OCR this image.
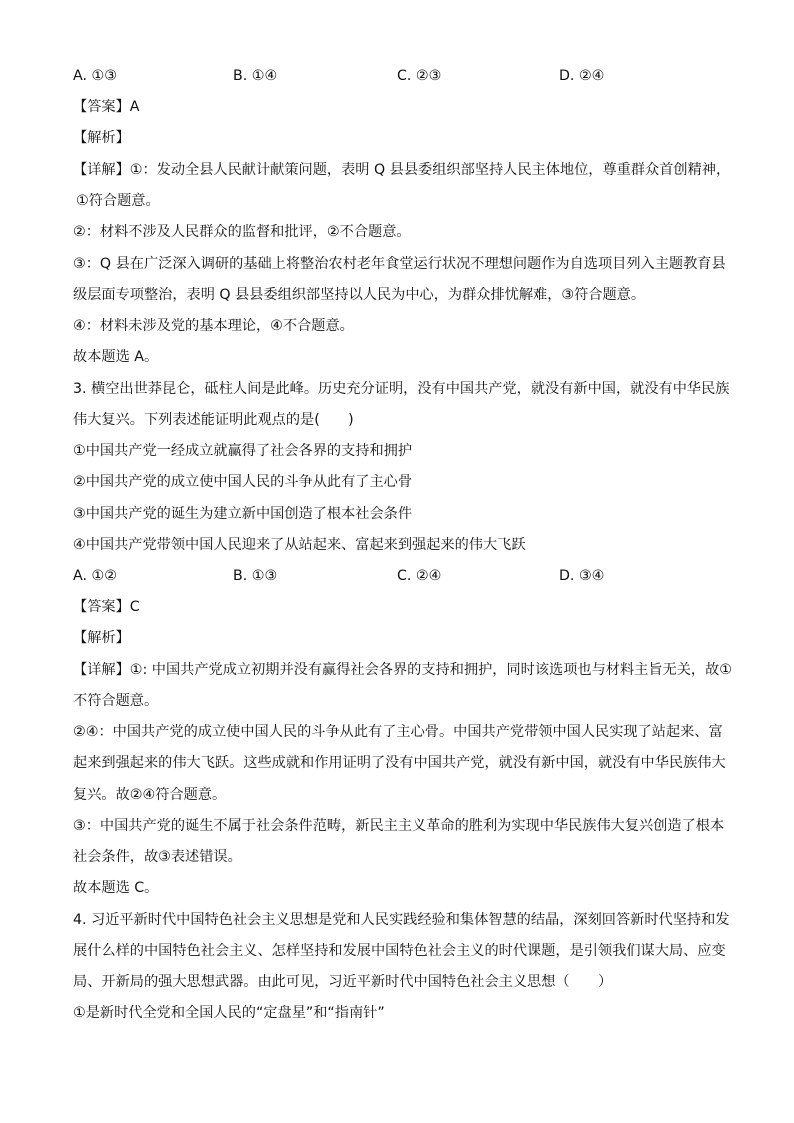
A. ①③	B. ①④	C. ②③	D. ②④
【答案】A
【解析】
【详解】①：发动全县人民献计献策问题，表明 Q 县县委组织部坚持人民主体地位，尊重群众首创精神，
①符合题意。
②：材料不涉及人民群众的监督和批评，②不合题意。
③：Q 县在广泛深入调研的基础上将整治农村老年食堂运行状况不理想问题作为自选项目列入主题教育县
级层面专项整治，表明 Q 县县委组织部坚持以人民为中心，为群众排忧解难，③符合题意。
④：材料未涉及党的基本理论，④不合题意。
故本题选 A。
3. 横空出世莽昆仑，砥柱人间是此峰。历史充分证明，没有中国共产党，就没有新中国，就没有中华民族
伟大复兴。下列表述能证明此观点的是(　　)
①中国共产党一经成立就赢得了社会各界的支持和拥护
②中国共产党的成立使中国人民的斗争从此有了主心骨
③中国共产党的诞生为建立新中国创造了根本社会条件
④中国共产党带领中国人民迎来了从站起来、富起来到强起来的伟大飞跃
A. ①②	B. ①③	C. ②④	D. ③④
【答案】C
【解析】
【详解】①: 中国共产党成立初期并没有赢得社会各界的支持和拥护，同时该选项也与材料主旨无关，故①
不符合题意。
②④：中国共产党的成立使中国人民的斗争从此有了主心骨。中国共产党带领中国人民实现了站起来、富
起来到强起来的伟大飞跃。这些成就和作用证明了没有中国共产党，就没有新中国，就没有中华民族伟大
复兴。故②④符合题意。
③：中国共产党的诞生不属于社会条件范畴，新民主主义革命的胜利为实现中华民族伟大复兴创造了根本
社会条件，故③表述错误。
故本题选 C。
4. 习近平新时代中国特色社会主义思想是党和人民实践经验和集体智慧的结晶，深刻回答新时代坚持和发
展什么样的中国特色社会主义、怎样坚持和发展中国特色社会主义的时代课题，是引领我们谋大局、应变
局、开新局的强大思想武器。由此可见，习近平新时代中国特色社会主义思想（　　）
①是新时代全党和全国人民的“定盘星”和“指南针”
